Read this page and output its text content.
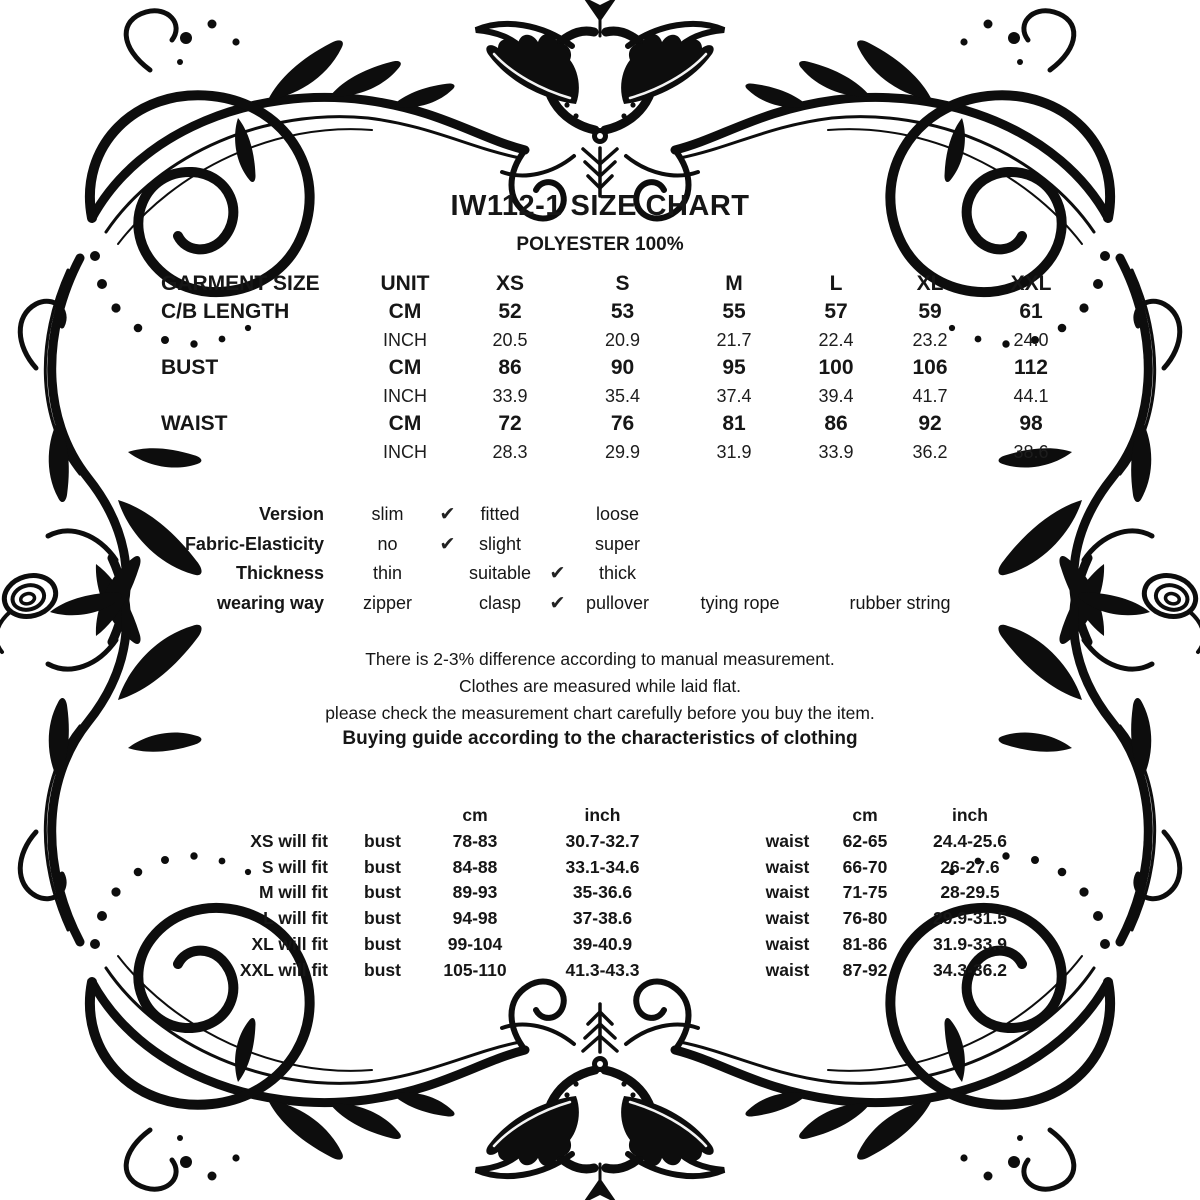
IW112-1 SIZE CHART
POLYESTER 100%
GARMENT SIZE	UNIT	XS	S	M	L	XL	XXL
C/B LENGTH	CM	52	53	55	57	59	61
INCH	20.5	20.9	21.7	22.4	23.2	24.0
BUST	CM	86	90	95	100	106	112
INCH	33.9	35.4	37.4	39.4	41.7	44.1
WAIST	CM	72	76	81	86	92	98
INCH	28.3	29.9	31.9	33.9	36.2	38.6
Version	slim	✔	fitted	loose
Fabric-Elasticity	no	✔	slight	super
Thickness	thin	suitable ✔	thick
wearing way	zipper	clasp	✔	pullover	tying rope	rubber string
There is 2-3% difference according to manual measurement.
Clothes are measured while laid flat.
please check the measurement chart carefully before you buy the item.
Buying guide according to the characteristics of clothing
cm	inch
XS will fit	bust	78-83	30.7-32.7
S will fit	bust	84-88	33.1-34.6
M will fit	bust	89-93	35-36.6
L will fit	bust	94-98	37-38.6
XL will fit	bust	99-104	39-40.9
XXL will fit	bust	105-110	41.3-43.3
cm	inch
waist	62-65	24.4-25.6
waist	66-70	26-27.6
waist	71-75	28-29.5
waist	76-80	29.9-31.5
waist	81-86	31.9-33.9
waist	87-92	34.3-36.2
